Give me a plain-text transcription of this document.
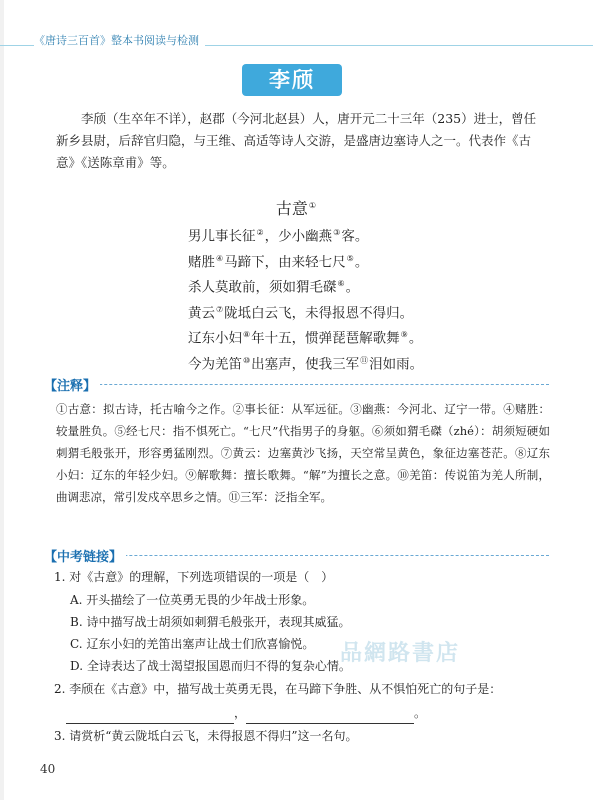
《唐诗三百首》整本书阅读与检测
李颀

李颀（生卒年不详），赵郡（今河北赵县）人，唐开元二十三年（235）进士，曾任新乡县尉，后辞官归隐，与王维、高适等诗人交游，是盛唐边塞诗人之一。代表作《古意》《送陈章甫》等。

古意①
男儿事长征②，少小幽燕③客。
赌胜④马蹄下，由来轻七尺⑤。
杀人莫敢前，须如猬毛磔⑥。
黄云⑦陇坻白云飞，未得报恩不得归。
辽东小妇⑧年十五，惯弹琵琶解歌舞⑨。
今为羌笛⑩出塞声，使我三军⑪泪如雨。
【注释】
①古意：拟古诗，托古喻今之作。②事长征：从军远征。③幽燕：今河北、辽宁一带。④赌胜：较量胜负。⑤经七尺：指不惧死亡。“七尺”代指男子的身躯。⑥须如猬毛磔（zhé）：胡须短硬如刺猬毛般张开，形容勇猛刚烈。⑦黄云：边塞黄沙飞扬，天空常呈黄色，象征边塞苍茫。⑧辽东小妇：辽东的年轻少妇。⑨解歌舞：擅长歌舞。“解”为擅长之意。⑩羌笛：传说笛为羌人所制，曲调悲凉，常引发戍卒思乡之情。⑪三军：泛指全军。
【中考链接】
1. 对《古意》的理解，下列选项错误的一项是（　）
A. 开头描绘了一位英勇无畏的少年战士形象。
B. 诗中描写战士胡须如刺猬毛般张开，表现其威猛。
C. 辽东小妇的羌笛出塞声让战士们欣喜愉悦。
D. 全诗表达了战士渴望报国恩而归不得的复杂心情。
品網路書店
2. 李颀在《古意》中，描写战士英勇无畏，在马蹄下争胜、从不惧怕死亡的句子是：
，	。
3. 请赏析“黄云陇坻白云飞，未得报恩不得归”这一名句。
40
